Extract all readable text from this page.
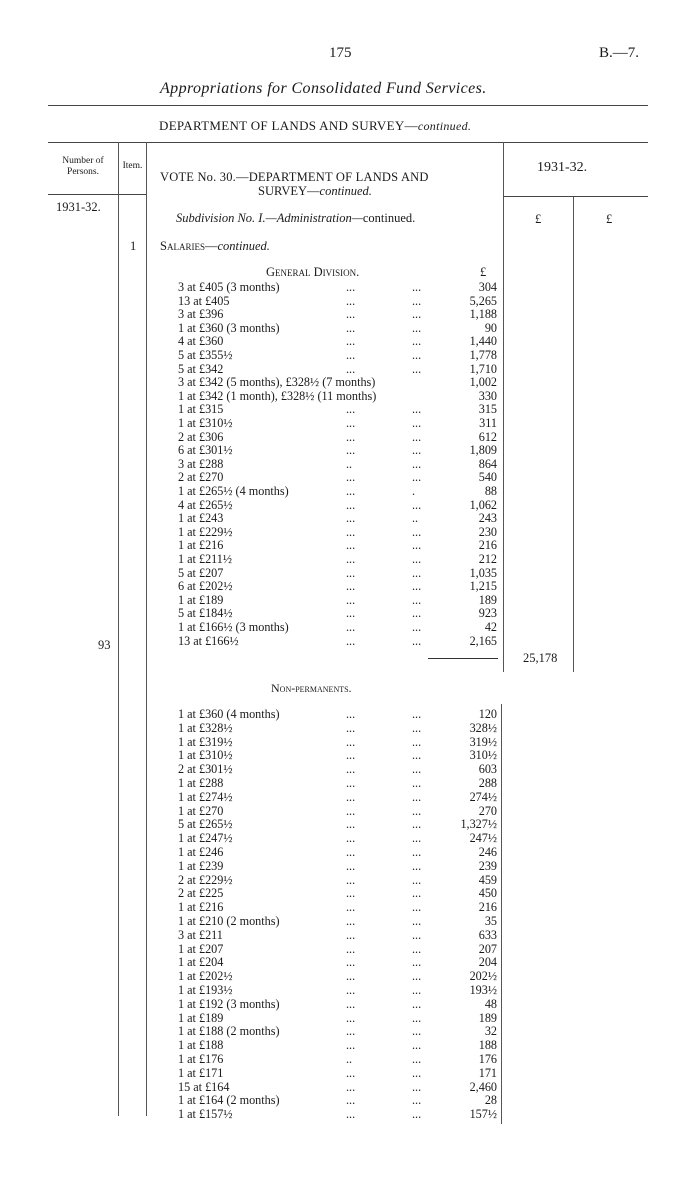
175	B.—7.
Appropriations for Consolidated Fund Services.
DEPARTMENT OF LANDS AND SURVEY—continued.
Number of Persons.
Item.	1931-32.
VOTE No. 30.—DEPARTMENT OF LANDS AND
SURVEY—continued.
1931-32.
Subdivision No. I.—Administration—continued.	£	£
1 Salaries—continued.
General Division.	£
3 at £405 (3 months)	...	...	304
13 at £405	...	...	5,265
3 at £396	...	...	1,188
1 at £360 (3 months)	...	...	90
4 at £360	...	...	1,440
5 at £355½	...	...	1,778
5 at £342	...	...	1,710
3 at £342 (5 months), £328½ (7 months)	1,002
1 at £342 (1 month), £328½ (11 months)	330
1 at £315	...	...	315
1 at £310½	...	...	311
2 at £306	...	...	612
6 at £301½	...	...	1,809
3 at £288	..	...	864
2 at £270	...	...	540
1 at £265½ (4 months)	...	.	88
4 at £265½	...	...	1,062
1 at £243	...	..	243
1 at £229½	...	...	230
1 at £216	...	...	216
1 at £211½	...	...	212
5 at £207	...	...	1,035
6 at £202½	...	...	1,215
1 at £189	...	...	189
5 at £184½	...	...	923
1 at £166½ (3 months)	...	...	42
13 at £166½	...	...	2,165
93
25,178
Non-permanents.
1 at £360 (4 months)	...	...	120
1 at £328½	...	...	328½
1 at £319½	...	...	319½
1 at £310½	...	...	310½
2 at £301½	...	...	603
1 at £288	...	...	288
1 at £274½	...	...	274½
1 at £270	...	...	270
5 at £265½	...	...	1,327½
1 at £247½	...	...	247½
1 at £246	...	...	246
1 at £239	...	...	239
2 at £229½	...	...	459
2 at £225	...	...	450
1 at £216	...	...	216
1 at £210 (2 months)	...	...	35
3 at £211	...	...	633
1 at £207	...	...	207
1 at £204	...	...	204
1 at £202½	...	...	202½
1 at £193½	...	...	193½
1 at £192 (3 months)	...	...	48
1 at £189	...	...	189
1 at £188 (2 months)	...	...	32
1 at £188	...	...	188
1 at £176	..	...	176
1 at £171	...	...	171
15 at £164	...	...	2,460
1 at £164 (2 months)	...	...	28
1 at £157½	...	...	157½
